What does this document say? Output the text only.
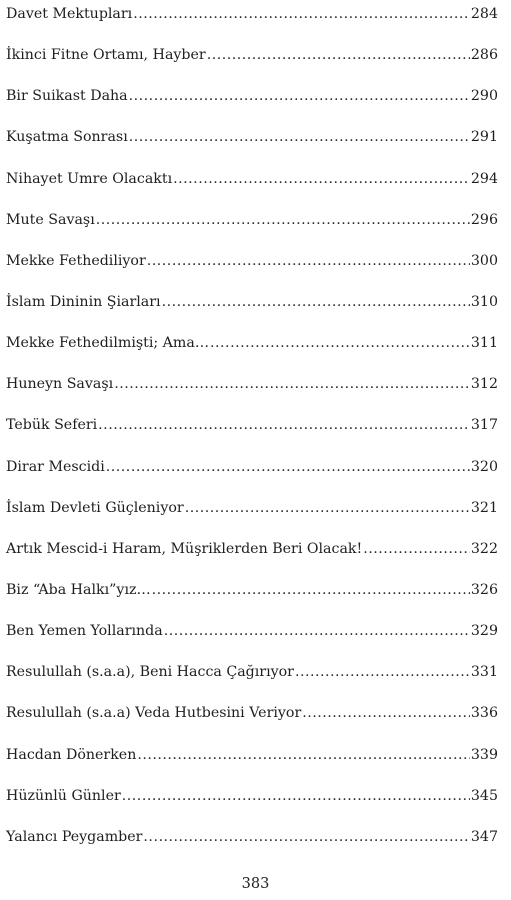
Davet Mektupları .....	284
İkinci Fitne Ortamı, Hayber .....	286
Bir Suikast Daha .....	290
Kuşatma Sonrası .....	291
Nihayet Umre Olacaktı .....	294
Mute Savaşı .....	296
Mekke Fethediliyor .....	300
İslam Dininin Şiarları .....	310
Mekke Fethedilmişti; Ama… .....	311
Huneyn Savaşı .....	312
Tebük Seferi .....	317
Dirar Mescidi .....	320
İslam Devleti Güçleniyor .....	321
Artık Mescid-i Haram, Müşriklerden Beri Olacak! .....	322
Biz “Aba Halkı”yız… .....	326
Ben Yemen Yollarında .....	329
Resulullah (s.a.a), Beni Hacca Çağırıyor .....	331
Resulullah (s.a.a) Veda Hutbesini Veriyor .....	336
Hacdan Dönerken .....	339
Hüzünlü Günler .....	345
Yalancı Peygamber .....	347
383
